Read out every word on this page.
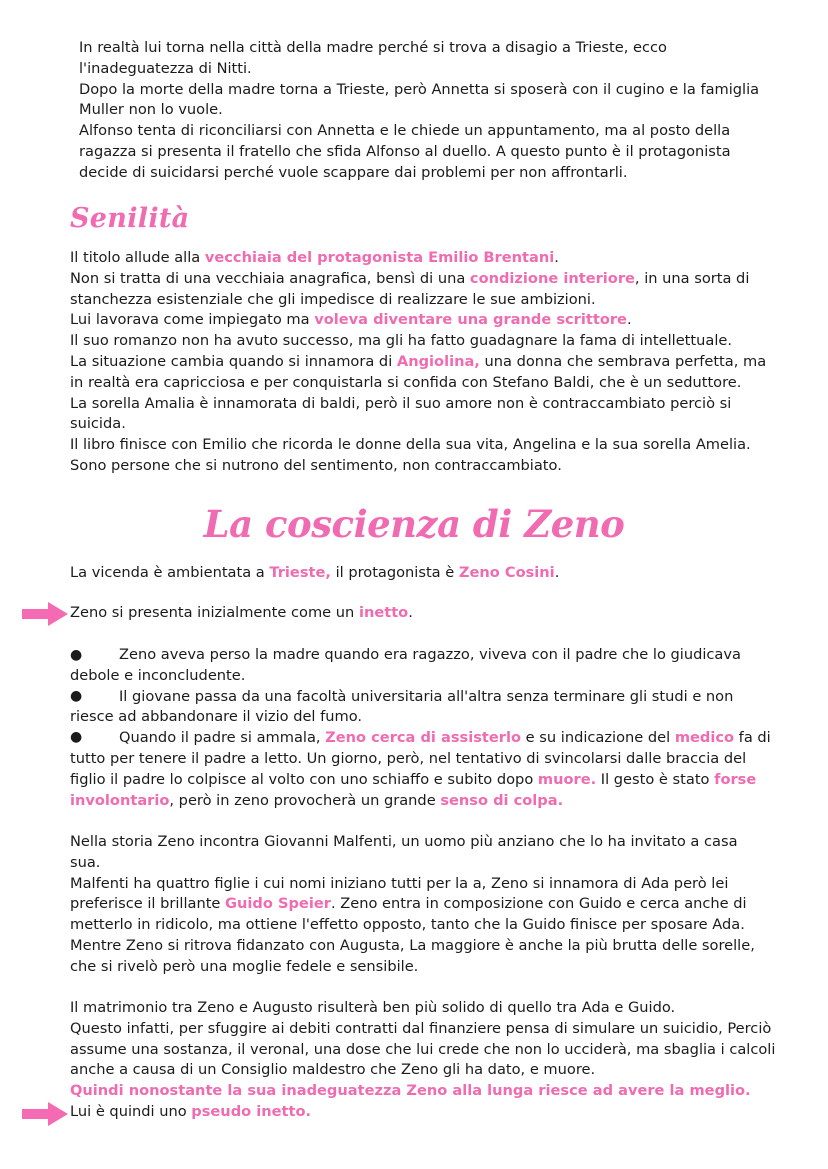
In realtà lui torna nella città della madre perché si trova a disagio a Trieste, ecco

l'inadeguatezza di Nitti.

Dopo la morte della madre torna a Trieste, però Annetta si sposerà con il cugino e la famiglia

Muller non lo vuole.

Alfonso tenta di riconciliarsi con Annetta e le chiede un appuntamento, ma al posto della

ragazza si presenta il fratello che sfida Alfonso al duello. A questo punto è il protagonista

decide di suicidarsi perché vuole scappare dai problemi per non affrontarli.

Senilità

Il titolo allude alla vecchiaia del protagonista Emilio Brentani.

Non si tratta di una vecchiaia anagrafica, bensì di una condizione interiore, in una sorta di

stanchezza esistenziale che gli impedisce di realizzare le sue ambizioni.

Lui lavorava come impiegato ma voleva diventare una grande scrittore.

Il suo romanzo non ha avuto successo, ma gli ha fatto guadagnare la fama di intellettuale.

La situazione cambia quando si innamora di Angiolina, una donna che sembrava perfetta, ma

in realtà era capricciosa e per conquistarla si confida con Stefano Baldi, che è un seduttore.

La sorella Amalia è innamorata di baldi, però il suo amore non è contraccambiato perciò si

suicida.

Il libro finisce con Emilio che ricorda le donne della sua vita, Angelina e la sua sorella Amelia.

Sono persone che si nutrono del sentimento, non contraccambiato.

La coscienza di Zeno

La vicenda è ambientata a Trieste, il protagonista è Zeno Cosini.

Zeno si presenta inizialmente come un inetto.

●
●
●

Zeno aveva perso la madre quando era ragazzo, viveva con il padre che lo giudicava

debole e inconcludente.

Il giovane passa da una facoltà universitaria all'altra senza terminare gli studi e non

riesce ad abbandonare il vizio del fumo.

Quando il padre si ammala, Zeno cerca di assisterlo e su indicazione del medico fa di

tutto per tenere il padre a letto. Un giorno, però, nel tentativo di svincolarsi dalle braccia del

figlio il padre lo colpisce al volto con uno schiaffo e subito dopo muore. Il gesto è stato forse

involontario, però in zeno provocherà un grande senso di colpa.

Nella storia Zeno incontra Giovanni Malfenti, un uomo più anziano che lo ha invitato a casa

sua.

Malfenti ha quattro figlie i cui nomi iniziano tutti per la a, Zeno si innamora di Ada però lei

preferisce il brillante Guido Speier. Zeno entra in composizione con Guido e cerca anche di

metterlo in ridicolo, ma ottiene l'effetto opposto, tanto che la Guido finisce per sposare Ada.

Mentre Zeno si ritrova fidanzato con Augusta, La maggiore è anche la più brutta delle sorelle,

che si rivelò però una moglie fedele e sensibile.

Il matrimonio tra Zeno e Augusto risulterà ben più solido di quello tra Ada e Guido.

Questo infatti, per sfuggire ai debiti contratti dal finanziere pensa di simulare un suicidio, Perciò

assume una sostanza, il veronal, una dose che lui crede che non lo ucciderà, ma sbaglia i calcoli

anche a causa di un Consiglio maldestro che Zeno gli ha dato, e muore.

Quindi nonostante la sua inadeguatezza Zeno alla lunga riesce ad avere la meglio.

Lui è quindi uno pseudo inetto.
